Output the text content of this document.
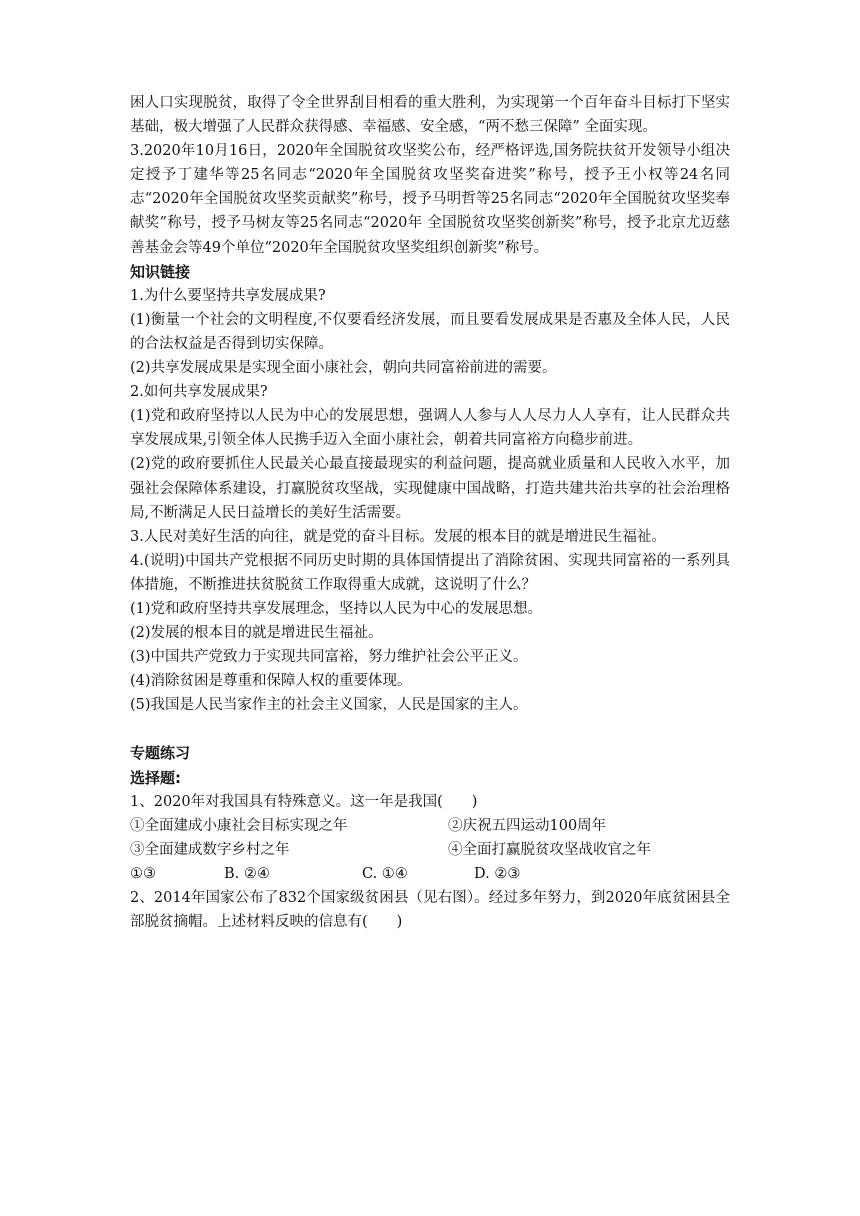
困人口实现脱贫，取得了令全世界刮目相看的重大胜利，为实现第一个百年奋斗目标打下坚实基础，极大增强了人民群众获得感、幸福感、安全感，“两不愁三保障” 全面实现。

3.2020年10月16日，2020年全国脱贫攻坚奖公布，经严格评选,国务院扶贫开发领导小组决定授予丁建华等25名同志“2020年全国脱贫攻坚奖奋进奖”称号，授予王小权等24名同志“2020年全国脱贫攻坚奖贡献奖”称号，授予马明哲等25名同志“2020年全国脱贫攻坚奖奉献奖”称号，授予马树友等25名同志“2020年 全国脱贫攻坚奖创新奖”称号，授予北京尤迈慈善基金会等49个单位“2020年全国脱贫攻坚奖组织创新奖”称号。

知识链接

1.为什么要坚持共享发展成果?

(1)衡量一个社会的文明程度,不仅要看经济发展，而且要看发展成果是否惠及全体人民，人民的合法权益是否得到切实保障。

(2)共享发展成果是实现全面小康社会，朝向共同富裕前进的需要。

2.如何共享发展成果?

(1)党和政府坚持以人民为中心的发展思想，强调人人参与人人尽力人人享有，让人民群众共享发展成果,引领全体人民携手迈入全面小康社会，朝着共同富裕方向稳步前进。

(2)党的政府要抓住人民最关心最直接最现实的利益问题，提高就业质量和人民收入水平，加强社会保障体系建设，打赢脱贫攻坚战，实现健康中国战略，打造共建共治共享的社会治理格局,不断满足人民日益增长的美好生活需要。

3.人民对美好生活的向往，就是党的奋斗目标。发展的根本目的就是增进民生福祉。

4.(说明)中国共产党根据不同历史时期的具体国情提出了消除贫困、实现共同富裕的一系列具体措施，不断推进扶贫脱贫工作取得重大成就，这说明了什么？

(1)党和政府坚持共享发展理念，坚持以人民为中心的发展思想。

(2)发展的根本目的就是增进民生福祉。

(3)中国共产党致力于实现共同富裕，努力维护社会公平正义。

(4)消除贫困是尊重和保障人权的重要体现。

(5)我国是人民当家作主的社会主义国家，人民是国家的主人。

专题练习

选择题:

1、2020年对我国具有特殊意义。这一年是我国(　　)

①全面建成小康社会目标实现之年	②庆祝五四运动100周年
③全面建成数字乡村之年	④全面打赢脱贫攻坚战收官之年
①③	B. ②④	C. ①④	D. ②③

2、2014年国家公布了832个国家级贫困县（见右图）。经过多年努力，到2020年底贫困县全部脱贫摘帽。上述材料反映的信息有(　　)
